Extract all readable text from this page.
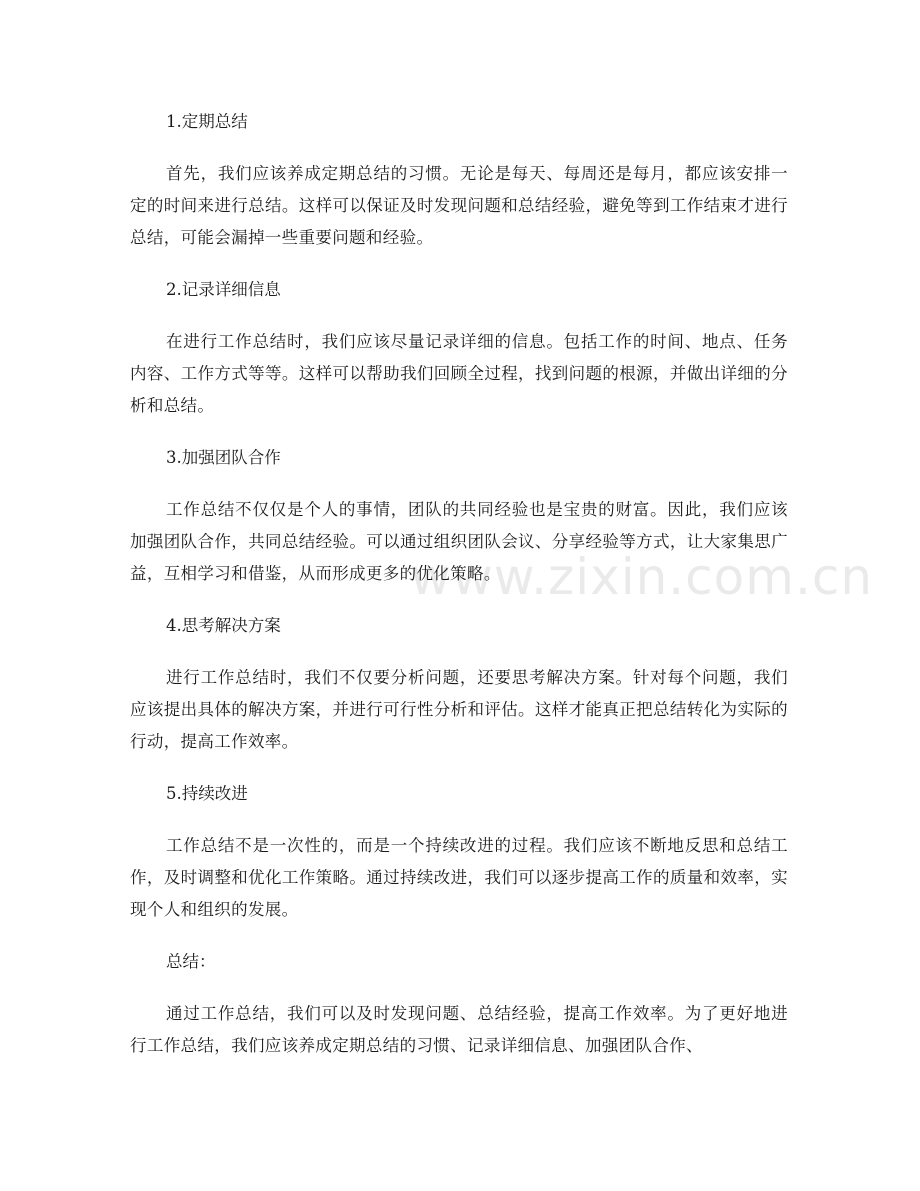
www.zixin.com.cn

1.定期总结

首先，我们应该养成定期总结的习惯。无论是每天、每周还是每月，都应该安排一定的时间来进行总结。这样可以保证及时发现问题和总结经验，避免等到工作结束才进行总结，可能会漏掉一些重要问题和经验。

2.记录详细信息

在进行工作总结时，我们应该尽量记录详细的信息。包括工作的时间、地点、任务内容、工作方式等等。这样可以帮助我们回顾全过程，找到问题的根源，并做出详细的分析和总结。

3.加强团队合作

工作总结不仅仅是个人的事情，团队的共同经验也是宝贵的财富。因此，我们应该加强团队合作，共同总结经验。可以通过组织团队会议、分享经验等方式，让大家集思广益，互相学习和借鉴，从而形成更多的优化策略。

4.思考解决方案

进行工作总结时，我们不仅要分析问题，还要思考解决方案。针对每个问题，我们应该提出具体的解决方案，并进行可行性分析和评估。这样才能真正把总结转化为实际的行动，提高工作效率。

5.持续改进

工作总结不是一次性的，而是一个持续改进的过程。我们应该不断地反思和总结工作，及时调整和优化工作策略。通过持续改进，我们可以逐步提高工作的质量和效率，实现个人和组织的发展。

总结：

通过工作总结，我们可以及时发现问题、总结经验，提高工作效率。为了更好地进行工作总结，我们应该养成定期总结的习惯、记录详细信息、加强团队合作、
